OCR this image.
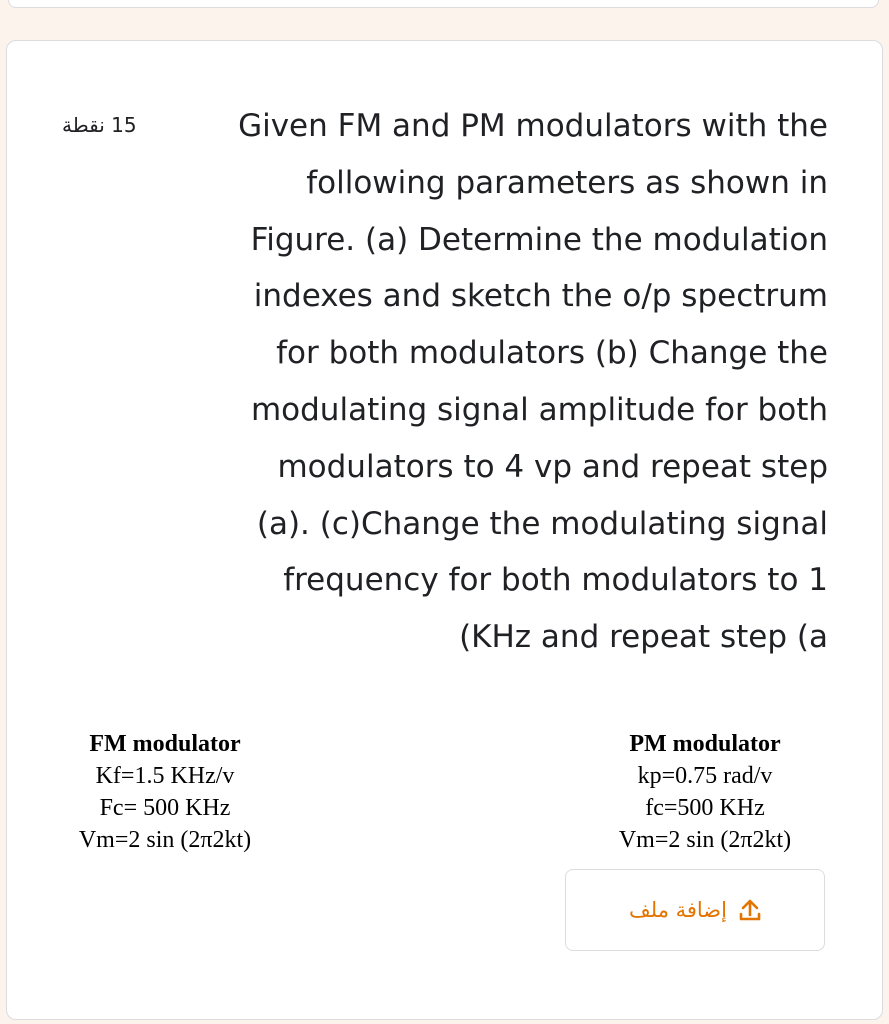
15 نقطة	Given FM and PM modulators with the
following parameters as shown in
Figure. (a) Determine the modulation
indexes and sketch the o/p spectrum
for both modulators (b) Change the
modulating signal amplitude for both
modulators to 4 vp and repeat step
(a). (c)Change the modulating signal
frequency for both modulators to 1
(KHz and repeat step (a
FM modulator
Kf=1.5 KHz/v
Fc= 500 KHz
Vm=2 sin (2π2kt)
PM modulator
kp=0.75 rad/v
fc=500 KHz
Vm=2 sin (2π2kt)
إضافة ملف
